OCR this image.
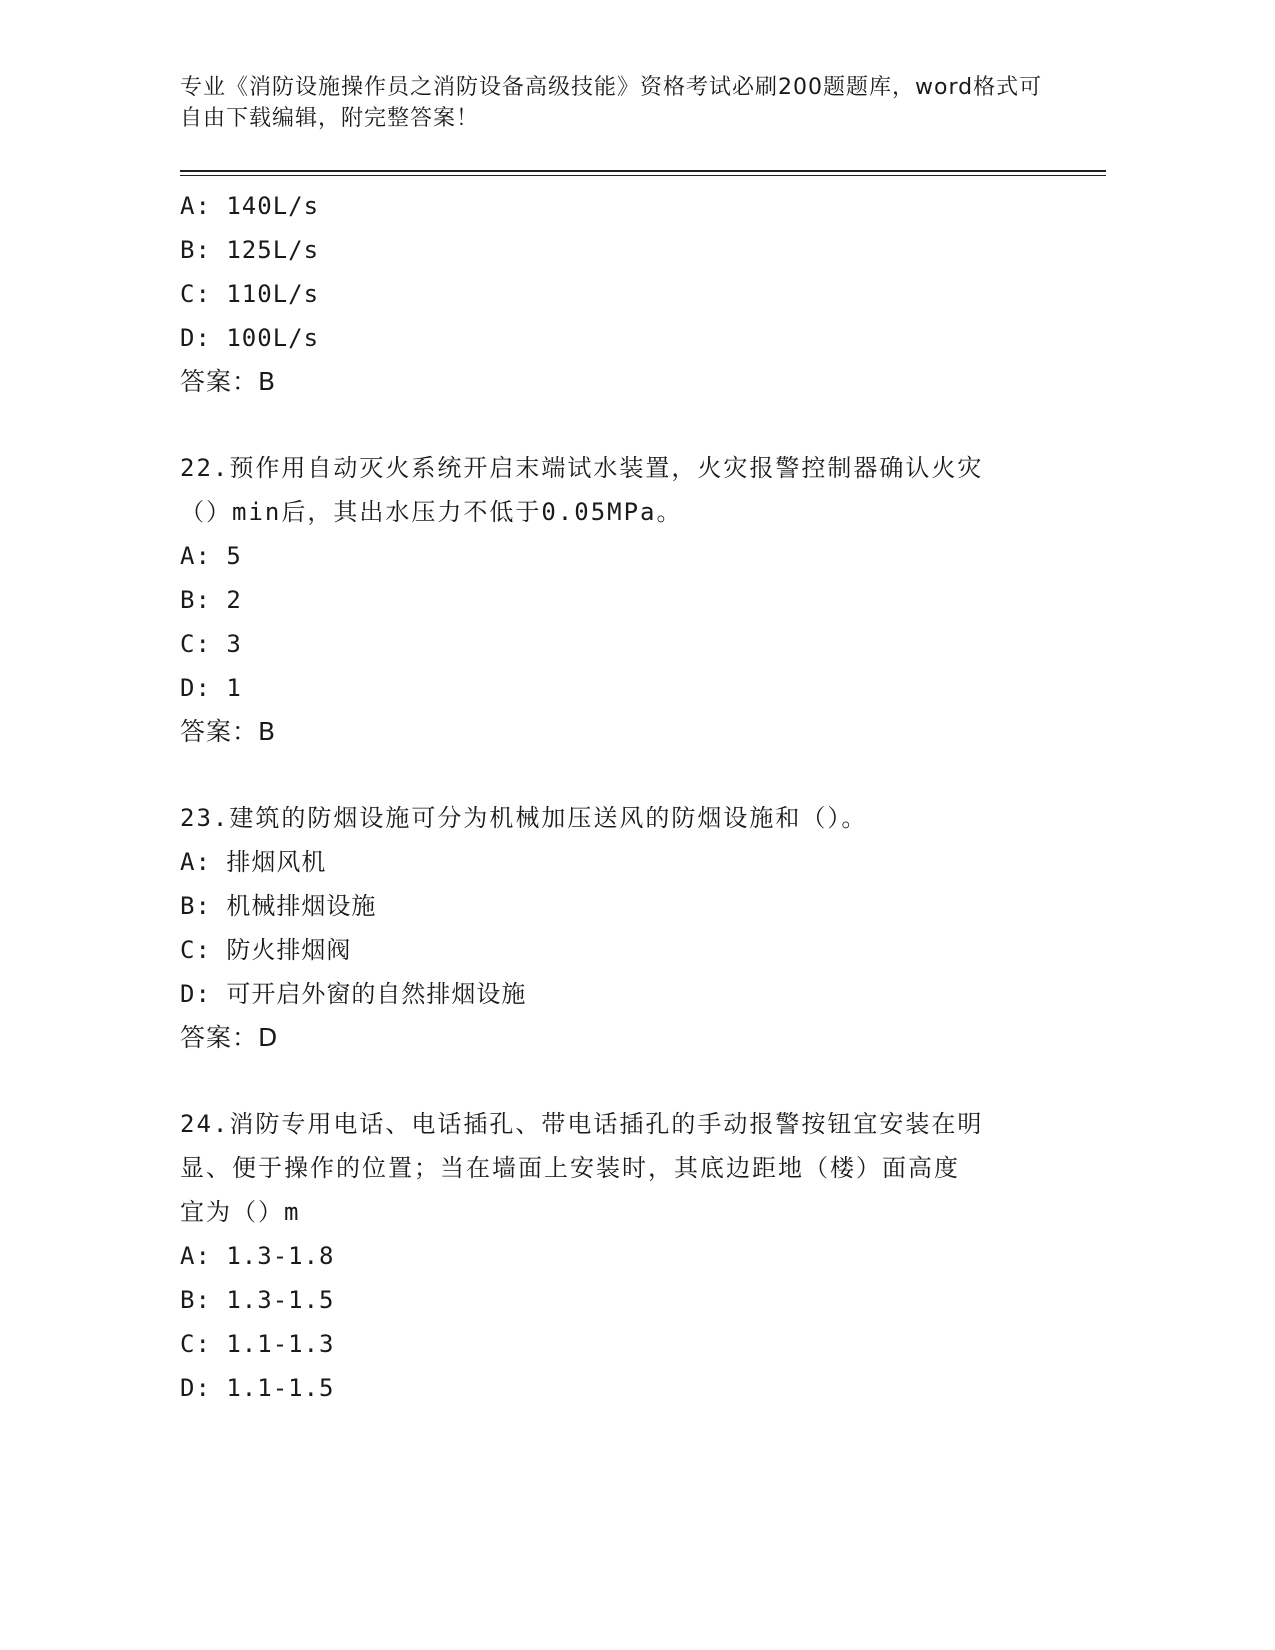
专业《消防设施操作员之消防设备高级技能》资格考试必刷200题题库，word格式可自由下载编辑，附完整答案！
A: 140L/s
B: 125L/s
C: 110L/s
D: 100L/s
答案：B
22.预作用自动灭火系统开启末端试水装置，火灾报警控制器确认火灾
（）min后，其出水压力不低于0.05MPa。
A: 5
B: 2
C: 3
D: 1
答案：B
23.建筑的防烟设施可分为机械加压送风的防烟设施和（）。
A: 排烟风机
B: 机械排烟设施
C: 防火排烟阀
D: 可开启外窗的自然排烟设施
答案：D
24.消防专用电话、电话插孔、带电话插孔的手动报警按钮宜安装在明
显、便于操作的位置；当在墙面上安装时，其底边距地（楼）面高度
宜为（）m
A: 1.3-1.8
B: 1.3-1.5
C: 1.1-1.3
D: 1.1-1.5
